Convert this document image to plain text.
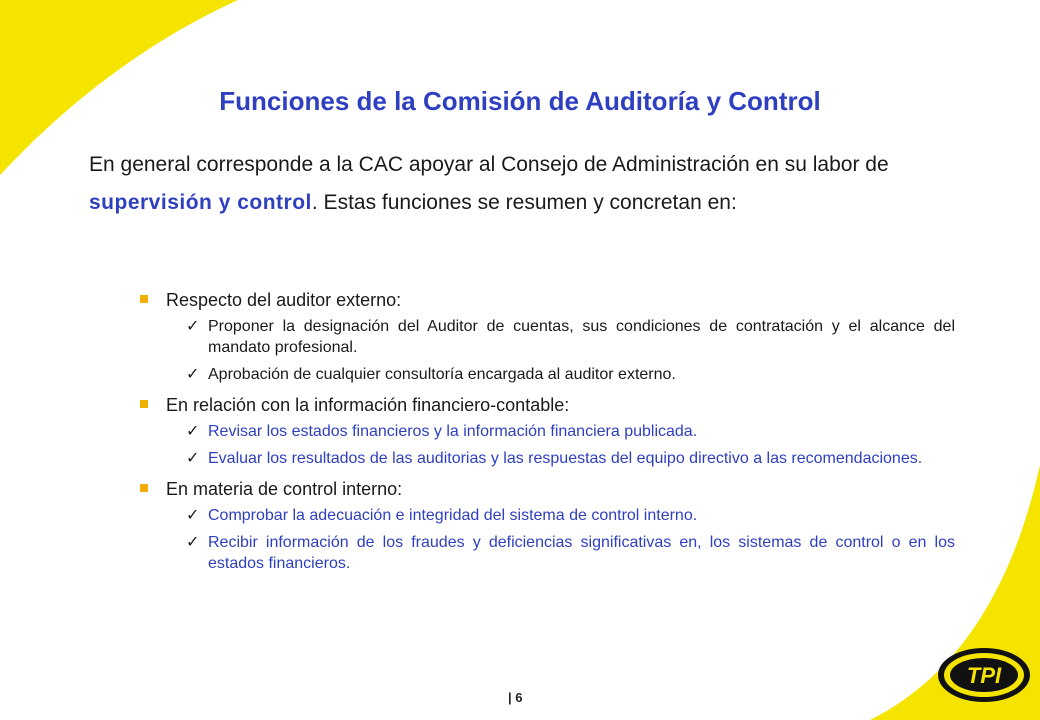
Funciones de la Comisión de Auditoría y Control
En general corresponde a la CAC apoyar al Consejo de Administración en su labor de supervisión y control. Estas funciones se resumen y concretan en:
Respecto del auditor externo:
✓ Proponer la designación del Auditor de cuentas, sus condiciones de contratación y el alcance del mandato profesional.
✓ Aprobación de cualquier consultoría encargada al auditor externo.
En relación con la información financiero-contable:
✓ Revisar los estados financieros y la información financiera publicada.
✓ Evaluar los resultados de las auditorias y las respuestas del equipo directivo a las recomendaciones.
En materia de control interno:
✓ Comprobar la adecuación e integridad del sistema de control interno.
✓ Recibir información de los fraudes y deficiencias significativas en, los sistemas de control o en los estados financieros.
| 6
TPI
